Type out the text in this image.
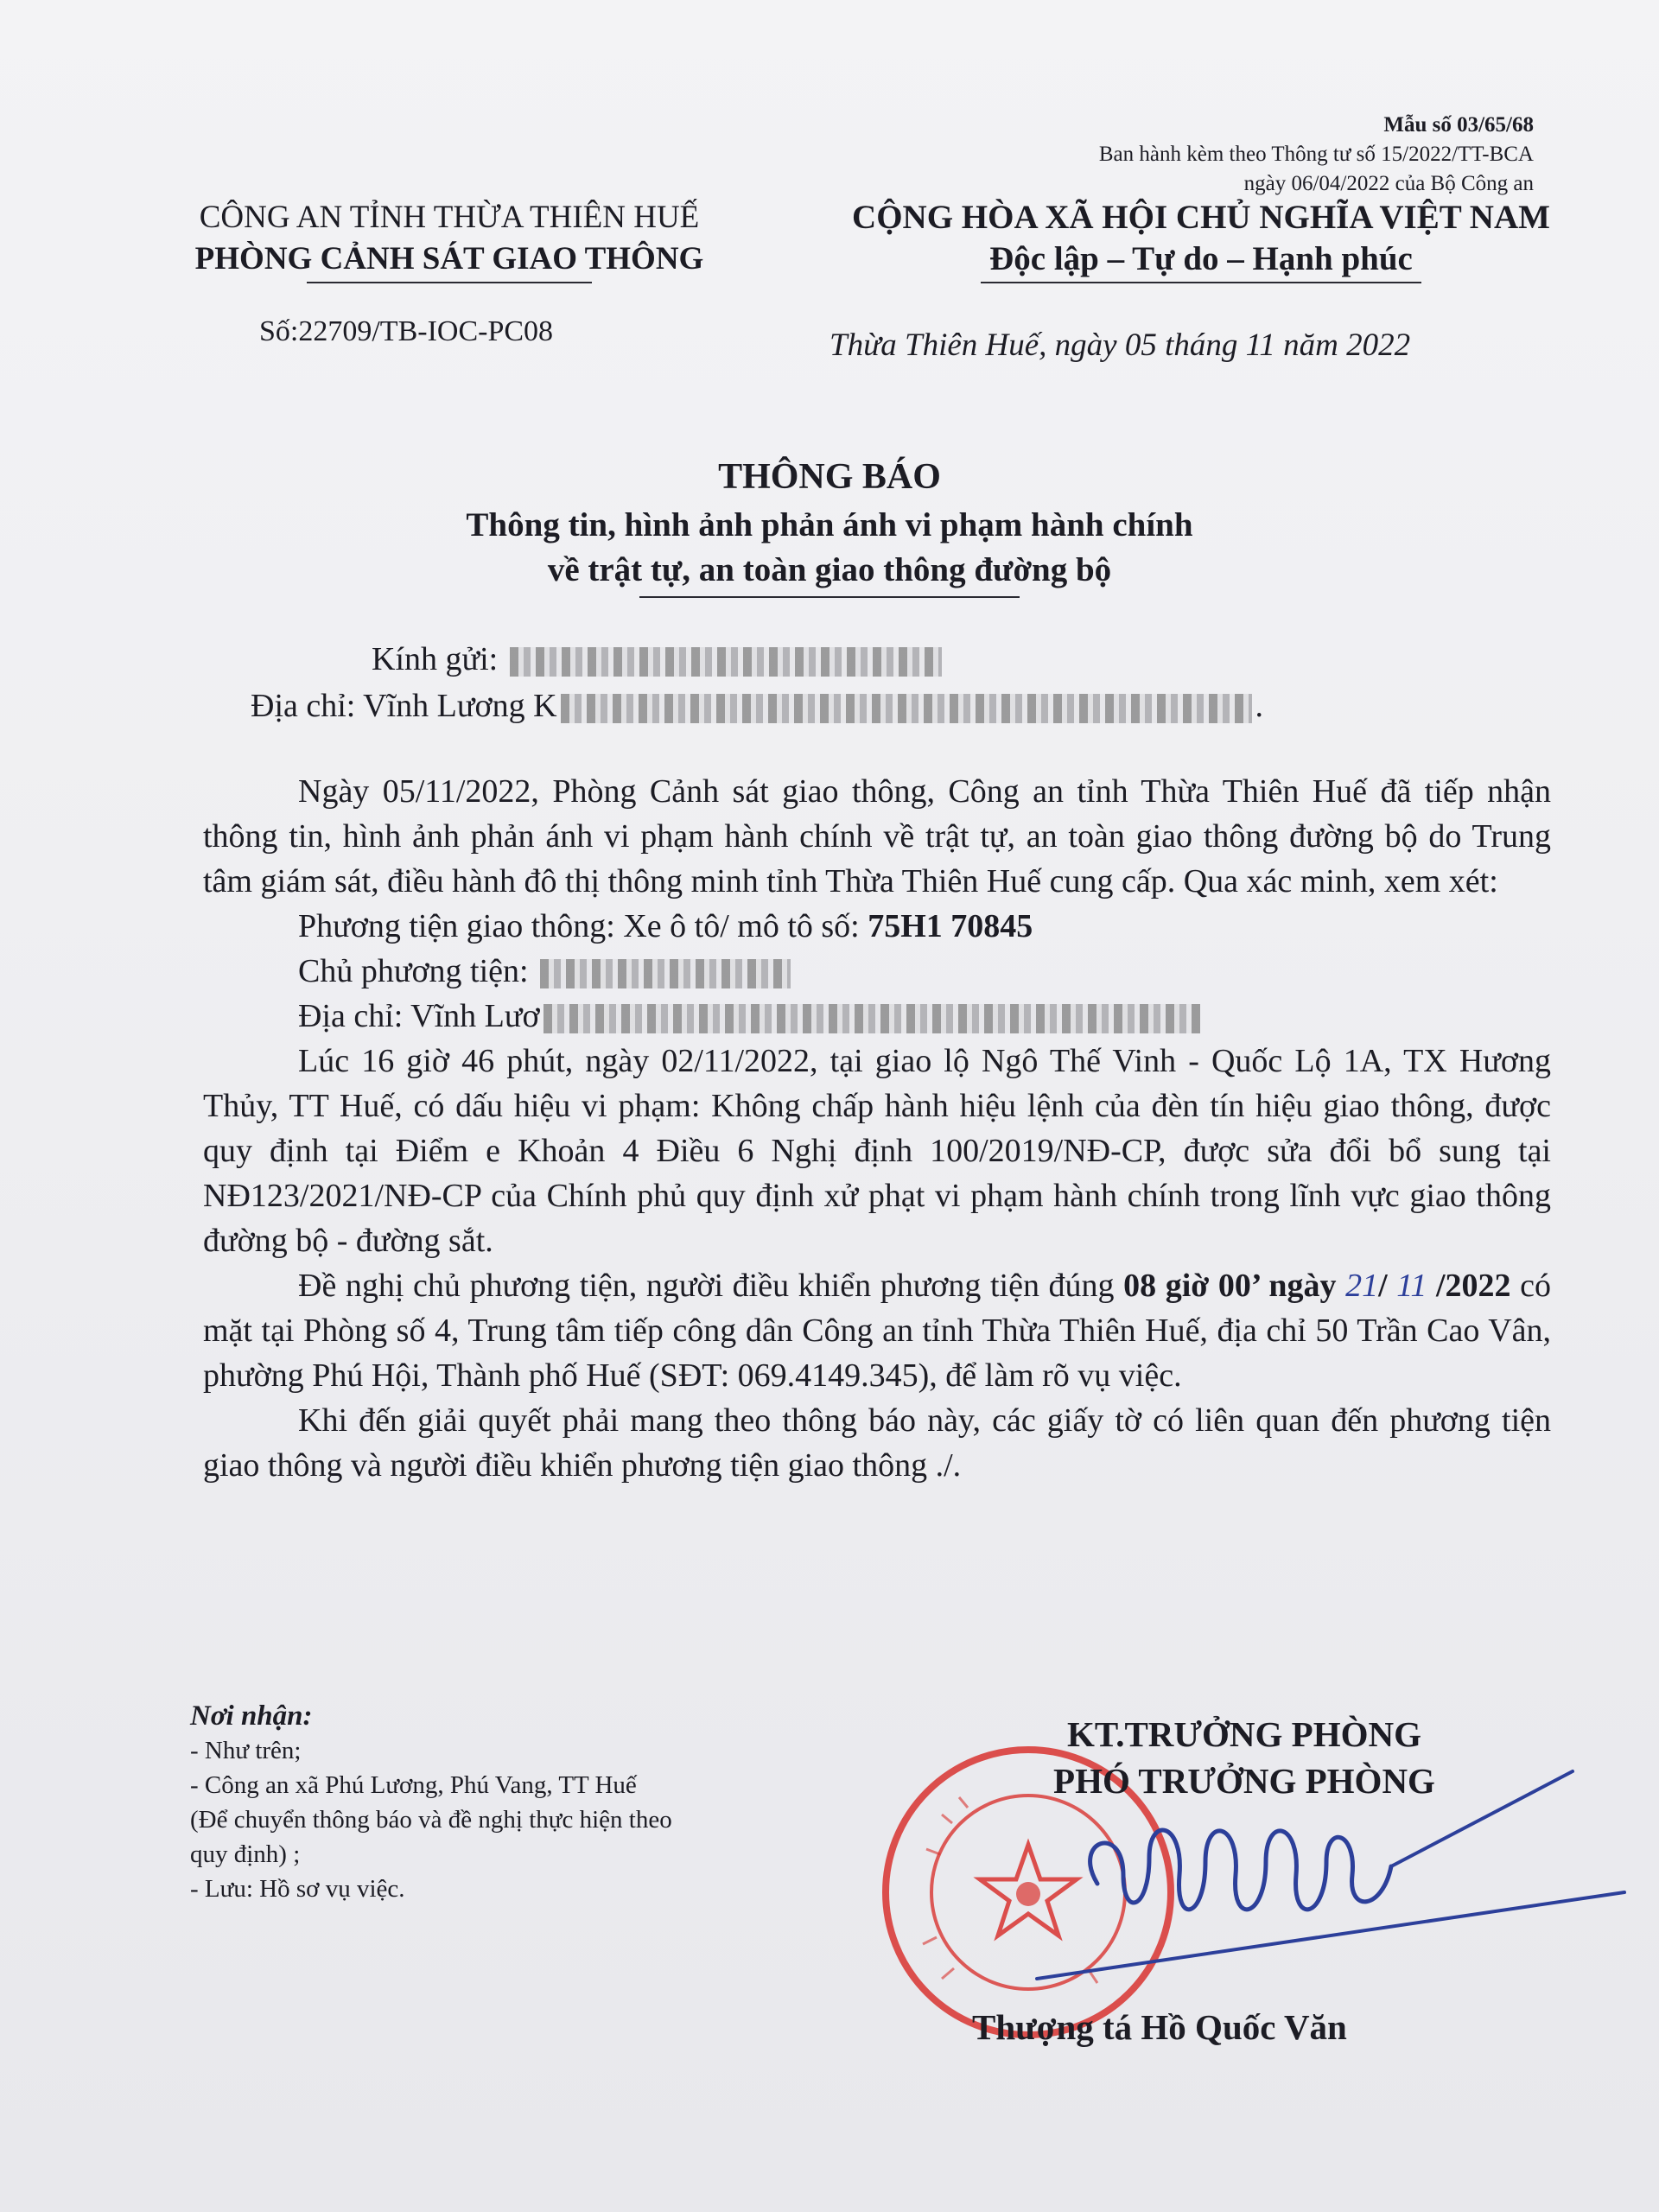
Mẫu số 03/65/68
Ban hành kèm theo Thông tư số 15/2022/TT-BCA
ngày 06/04/2022 của Bộ Công an
CÔNG AN TỈNH THỪA THIÊN HUẾ
PHÒNG CẢNH SÁT GIAO THÔNG
CỘNG HÒA XÃ HỘI CHỦ NGHĨA VIỆT NAM
Độc lập – Tự do – Hạnh phúc
Số:22709/TB-IOC-PC08	Thừa Thiên Huế, ngày 05 tháng 11 năm 2022
THÔNG BÁO
Thông tin, hình ảnh phản ánh vi phạm hành chính
về trật tự, an toàn giao thông đường bộ
Kính gửi:
Địa chỉ: Vĩnh Lương K	.

Ngày 05/11/2022, Phòng Cảnh sát giao thông, Công an tỉnh Thừa Thiên Huế đã tiếp nhận thông tin, hình ảnh phản ánh vi phạm hành chính về trật tự, an toàn giao thông đường bộ do Trung tâm giám sát, điều hành đô thị thông minh tỉnh Thừa Thiên Huế cung cấp. Qua xác minh, xem xét:

Phương tiện giao thông: Xe ô tô/ mô tô số: 75H1 70845

Chủ phương tiện:

Địa chỉ: Vĩnh Lươ

Lúc 16 giờ 46 phút, ngày 02/11/2022, tại giao lộ Ngô Thế Vinh - Quốc Lộ 1A, TX Hương Thủy, TT Huế, có dấu hiệu vi phạm: Không chấp hành hiệu lệnh của đèn tín hiệu giao thông, được quy định tại Điểm e Khoản 4 Điều 6 Nghị định 100/2019/NĐ-CP, được sửa đổi bổ sung tại NĐ123/2021/NĐ-CP của Chính phủ quy định xử phạt vi phạm hành chính trong lĩnh vực giao thông đường bộ - đường sắt.

Đề nghị chủ phương tiện, người điều khiển phương tiện đúng 08 giờ 00’ ngày 21/ 11 /2022 có mặt tại Phòng số 4, Trung tâm tiếp công dân Công an tỉnh Thừa Thiên Huế, địa chỉ 50 Trần Cao Vân, phường Phú Hội, Thành phố Huế (SĐT: 069.4149.345), để làm rõ vụ việc.

Khi đến giải quyết phải mang theo thông báo này, các giấy tờ có liên quan đến phương tiện giao thông và người điều khiển phương tiện giao thông ./.

Nơi nhận:
- Như trên;
- Công an xã Phú Lương, Phú Vang, TT Huế
(Để chuyển thông báo và đề nghị thực hiện theo
quy định) ;
- Lưu: Hồ sơ vụ việc.
KT.TRƯỞNG PHÒNG
PHÓ TRƯỞNG PHÒNG
Thượng tá Hồ Quốc Văn
